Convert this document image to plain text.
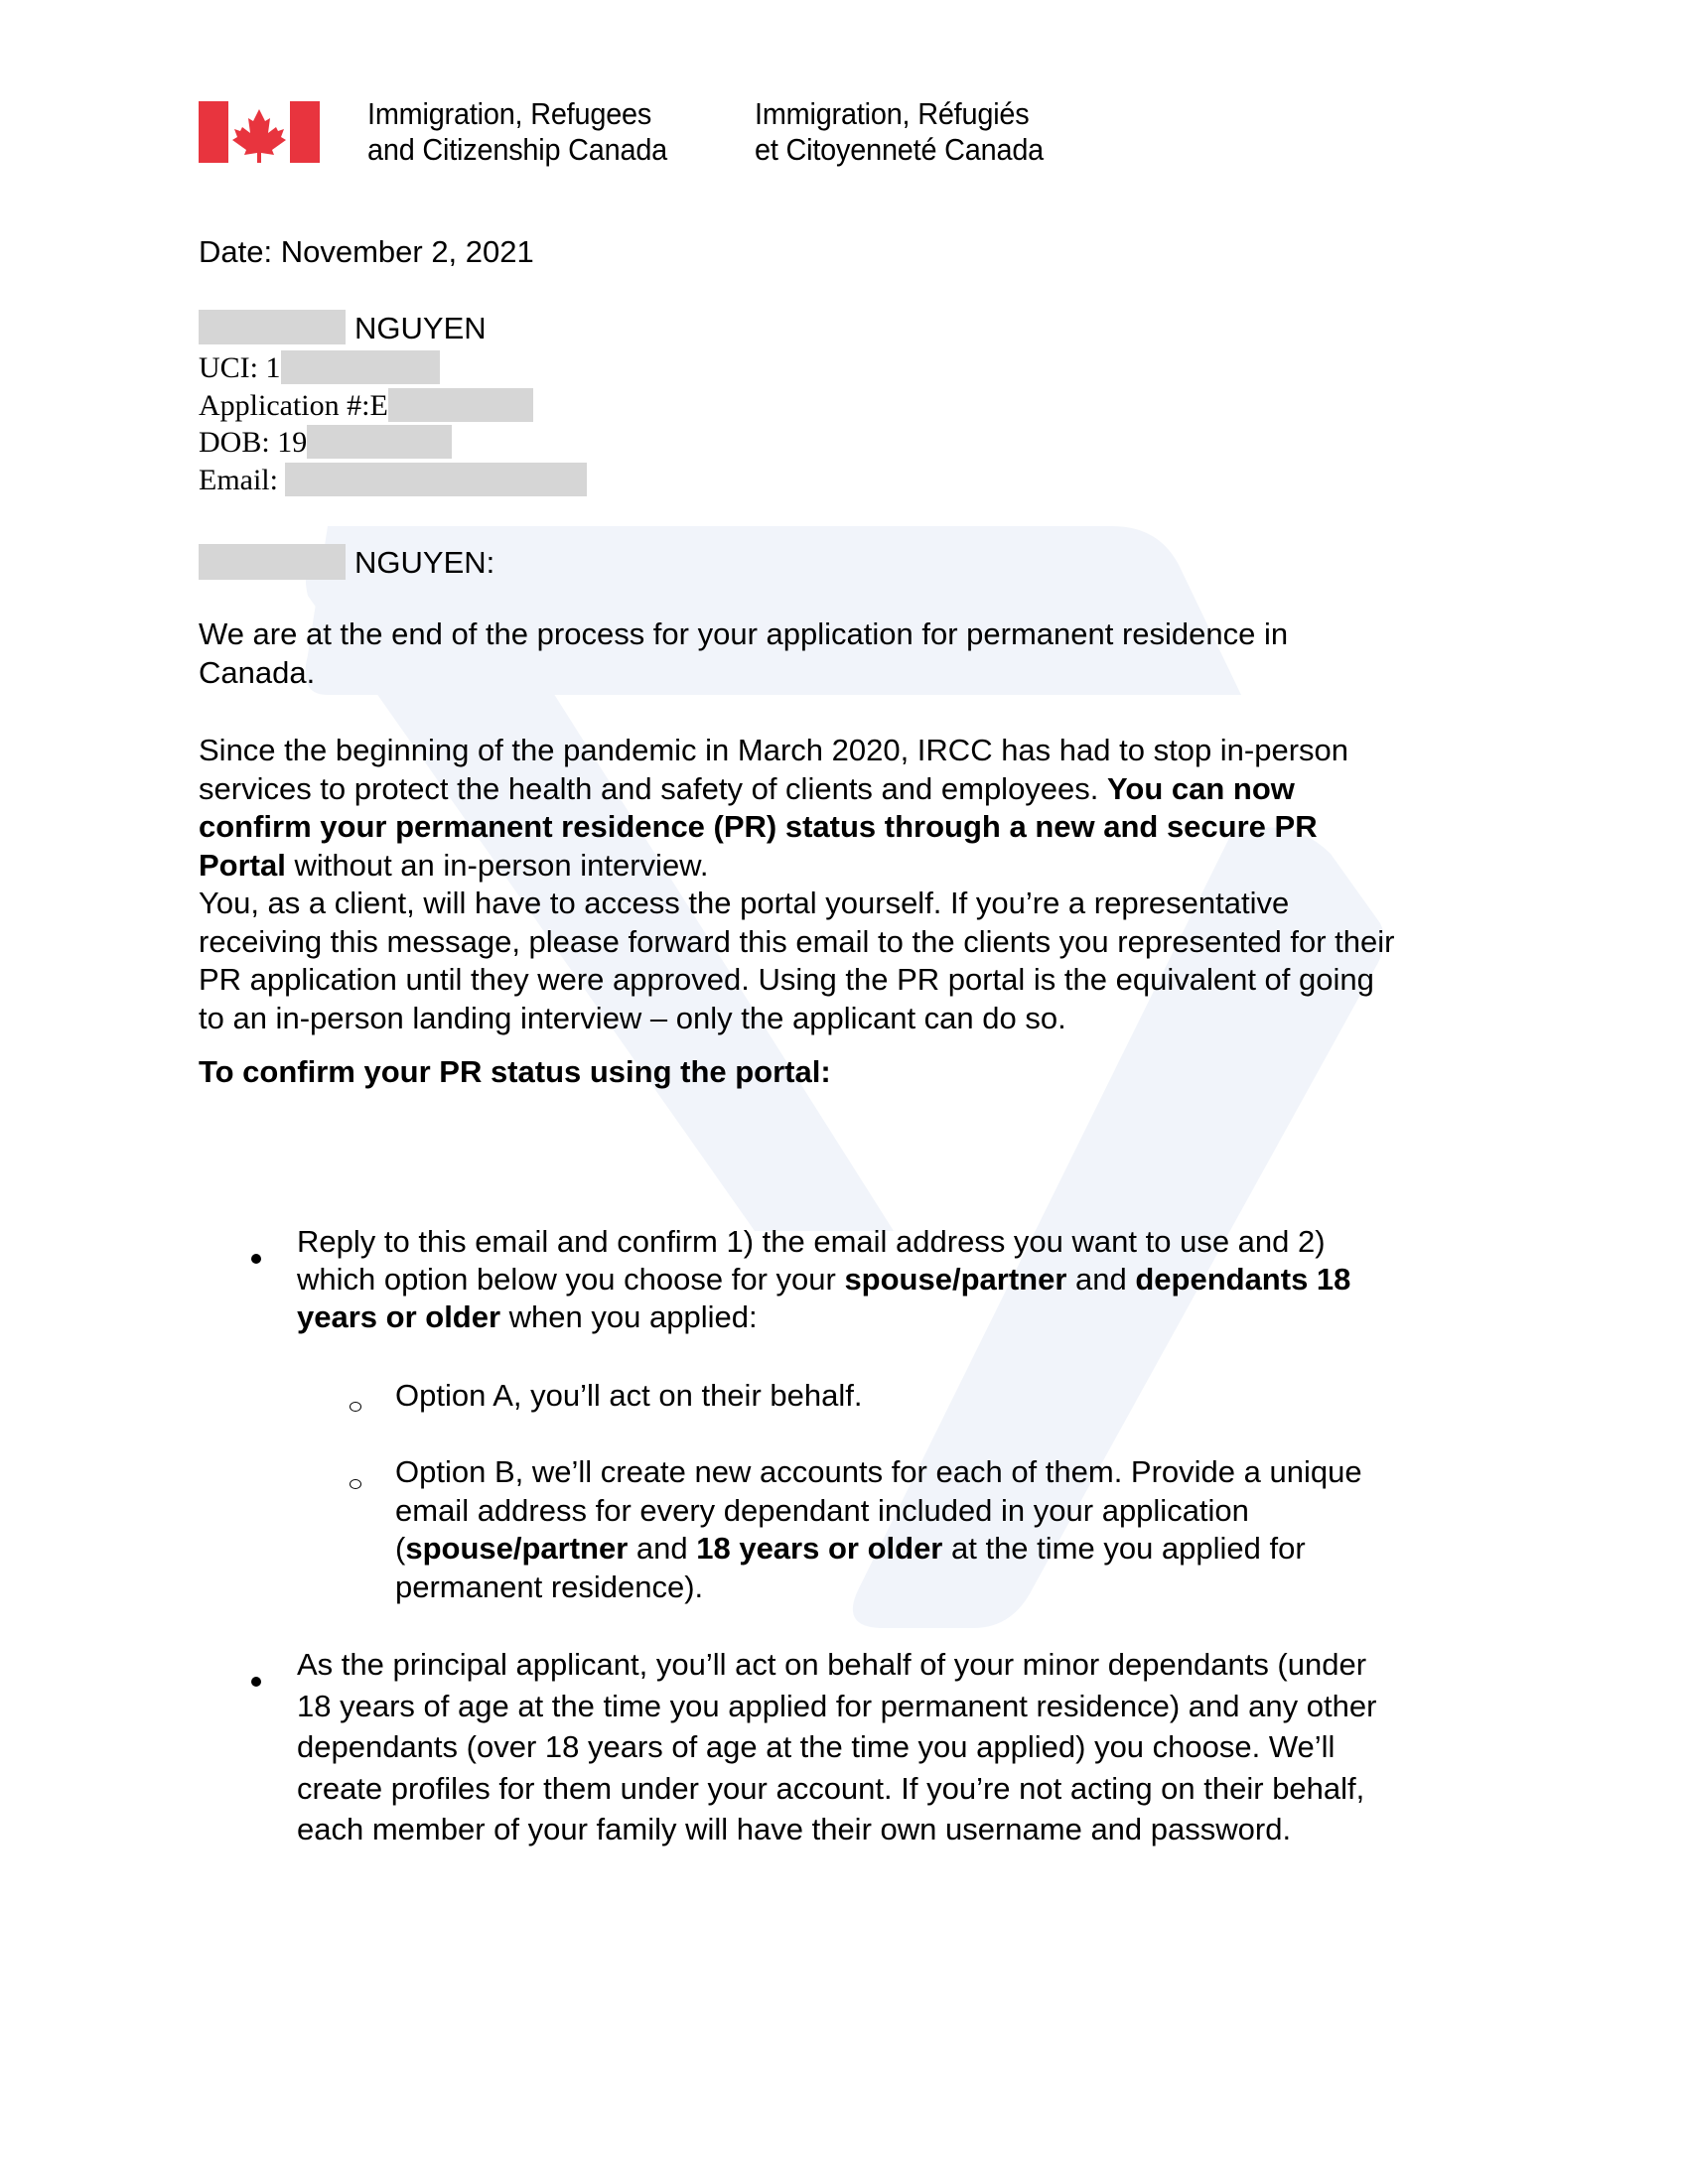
Immigration, Refugees
and Citizenship Canada
Immigration, Réfugiés
et Citoyenneté Canada
Date: November 2, 2021
NGUYEN
UCI: 1
Application #:E
DOB: 19
Email:
NGUYEN:
We are at the end of the process for your application for permanent residence in
Canada.
Since the beginning of the pandemic in March 2020, IRCC has had to stop in-person
services to protect the health and safety of clients and employees. You can now
confirm your permanent residence (PR) status through a new and secure PR
Portal without an in-person interview.
You, as a client, will have to access the portal yourself. If you’re a representative
receiving this message, please forward this email to the clients you represented for their
PR application until they were approved. Using the PR portal is the equivalent of going
to an in-person landing interview – only the applicant can do so.
To confirm your PR status using the portal:
Reply to this email and confirm 1) the email address you want to use and 2)
which option below you choose for your spouse/partner and dependants 18
years or older when you applied:
Option A, you’ll act on their behalf.
Option B, we’ll create new accounts for each of them. Provide a unique
email address for every dependant included in your application
(spouse/partner and 18 years or older at the time you applied for
permanent residence).
As the principal applicant, you’ll act on behalf of your minor dependants (under
18 years of age at the time you applied for permanent residence) and any other
dependants (over 18 years of age at the time you applied) you choose. We’ll
create profiles for them under your account. If you’re not acting on their behalf,
each member of your family will have their own username and password.
